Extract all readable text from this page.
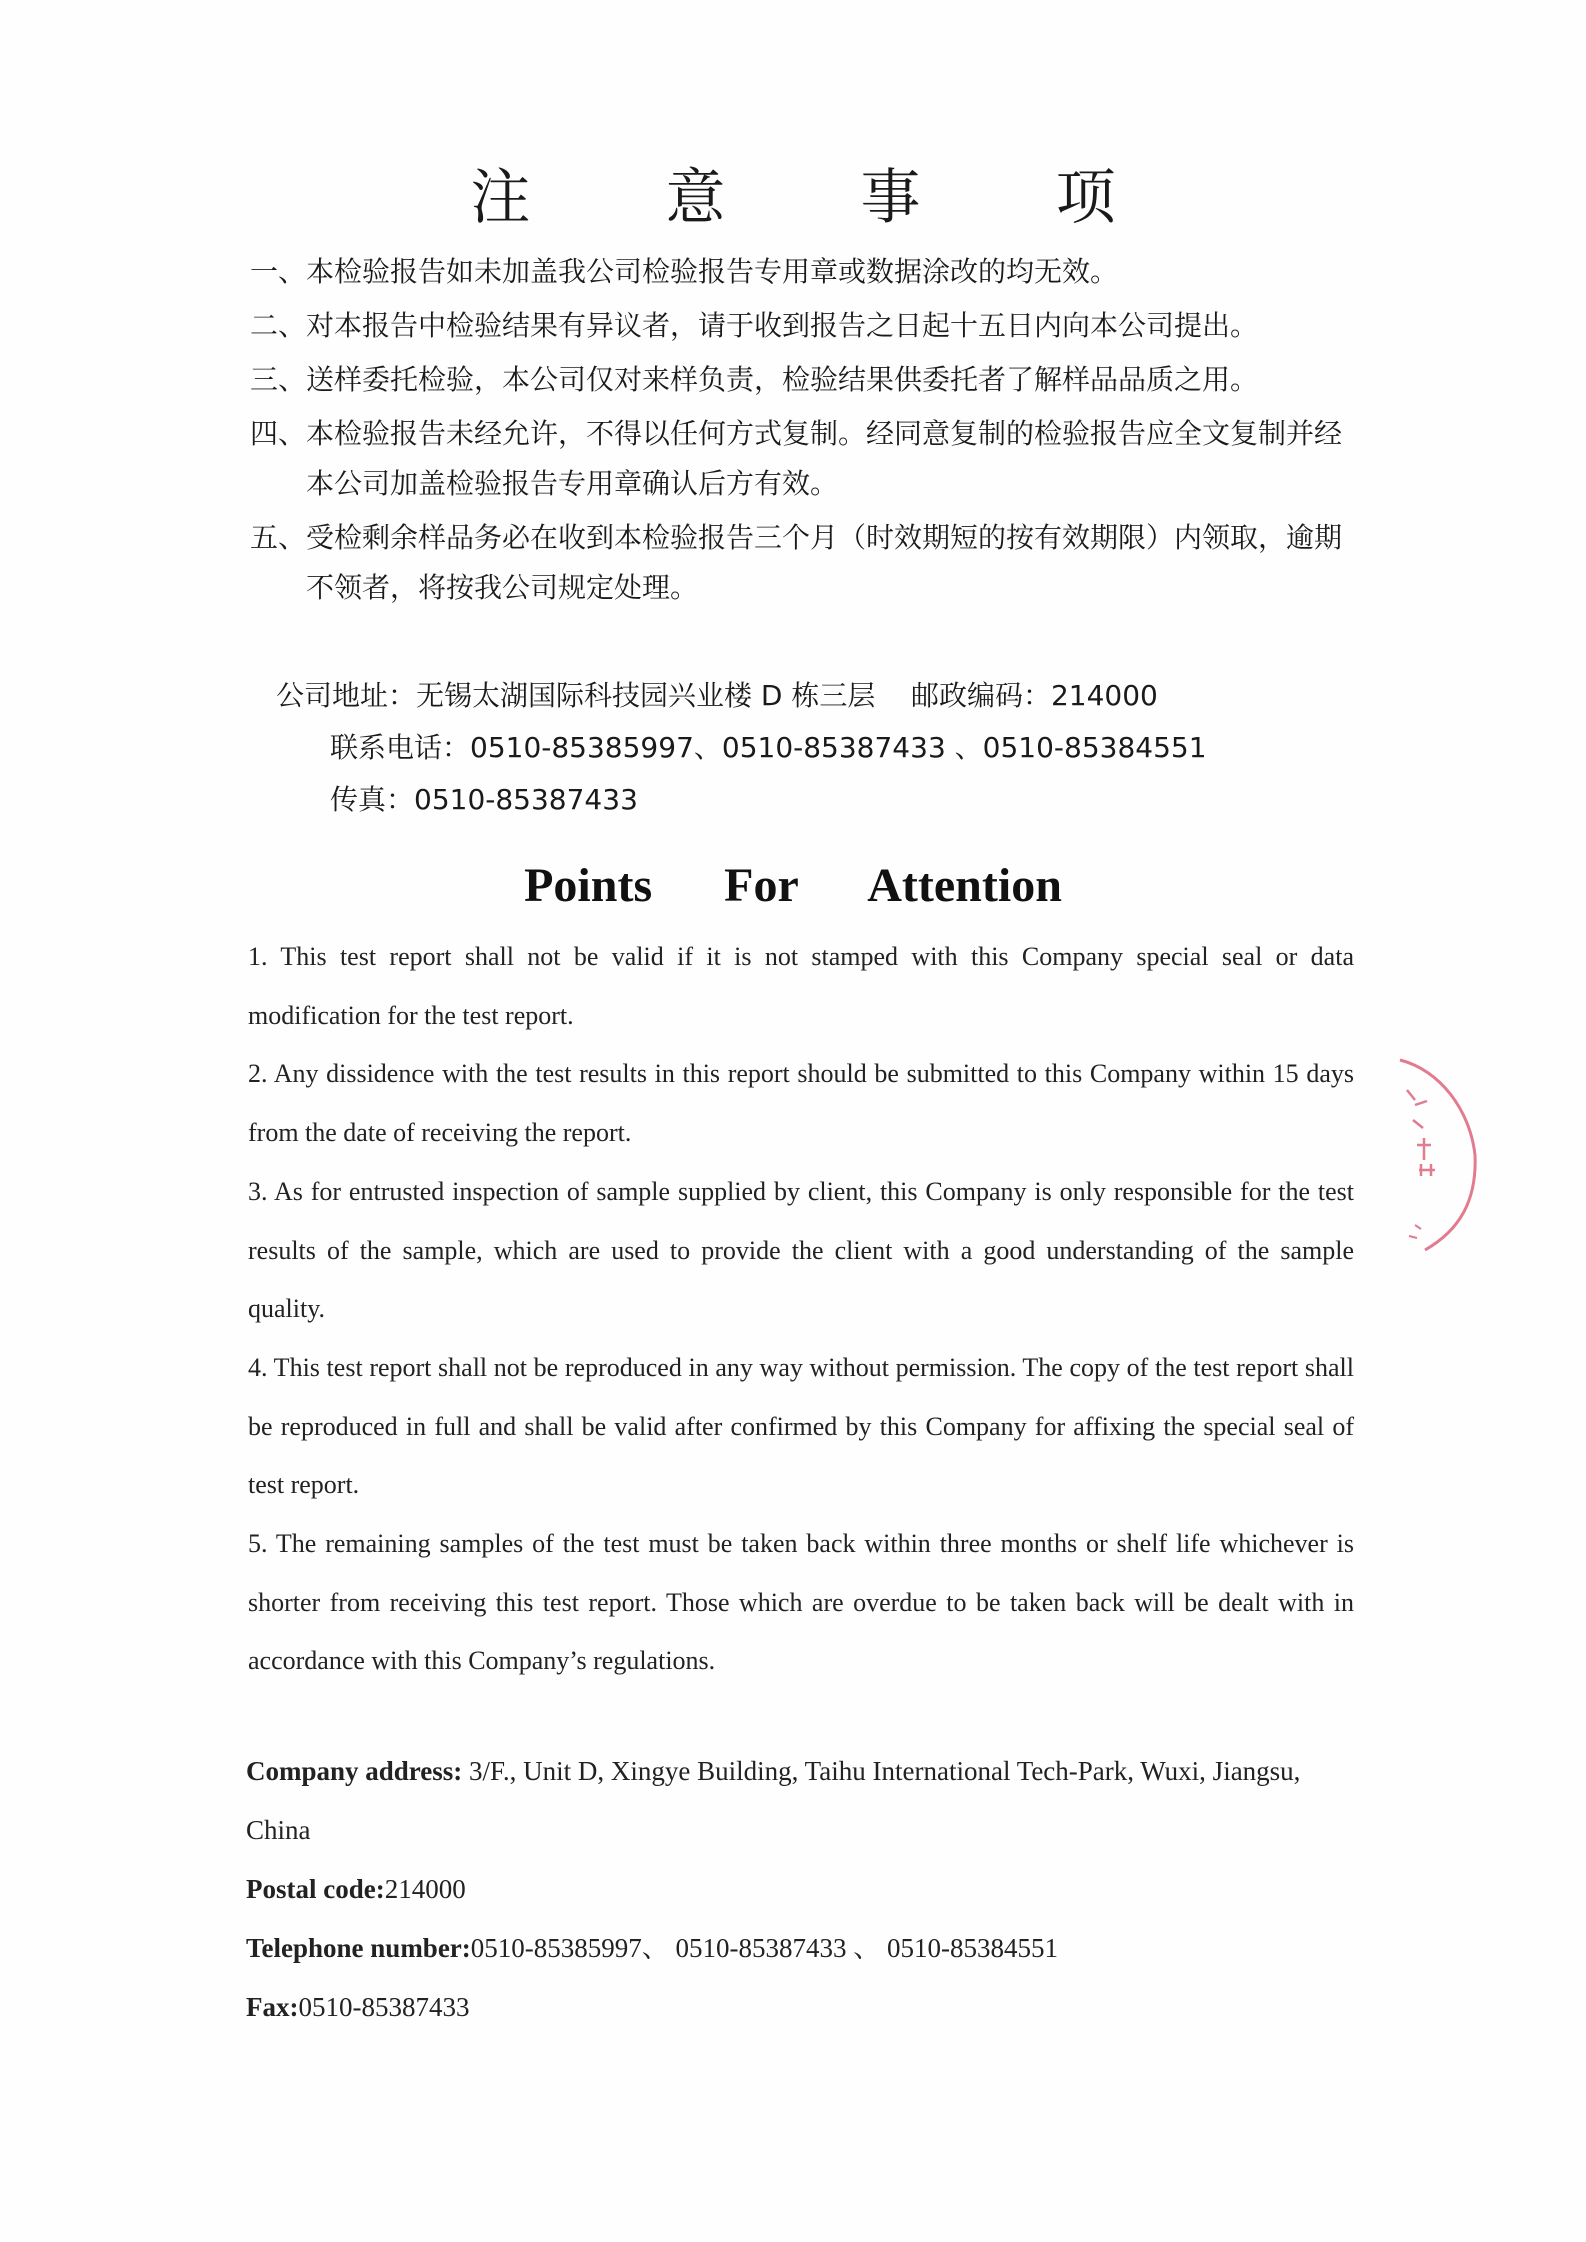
注 意 事 项
一、 本检验报告如未加盖我公司检验报告专用章或数据涂改的均无效。
二、 对本报告中检验结果有异议者，请于收到报告之日起十五日内向本公司提出。
三、 送样委托检验，本公司仅对来样负责，检验结果供委托者了解样品品质之用。
四、 本检验报告未经允许，不得以任何方式复制。经同意复制的检验报告应全文复制并经本公司加盖检验报告专用章确认后方有效。
五、 受检剩余样品务必在收到本检验报告三个月（时效期短的按有效期限）内领取，逾期不领者，将按我公司规定处理。
公司地址：无锡太湖国际科技园兴业楼 D 栋三层    邮政编码：214000
联系电话：0510-85385997、0510-85387433 、0510-85384551
传真：0510-85387433
Points For Attention

1. This test report shall not be valid if it is not stamped with this Company special seal or data modification for the test report.

2. Any dissidence with the test results in this report should be submitted to this Company within 15 days from the date of receiving the report.

3. As for entrusted inspection of sample supplied by client, this Company is only responsible for the test results of the sample, which are used to provide the client with a good understanding of the sample quality.

4. This test report shall not be reproduced in any way without permission. The copy of the test report shall be reproduced in full and shall be valid after confirmed by this Company for affixing the special seal of test report.

5. The remaining samples of the test must be taken back within three months or shelf life whichever is shorter from receiving this test report. Those which are overdue to be taken back will be dealt with in accordance with this Company’s regulations.

Company address: 3/F., Unit D, Xingye Building, Taihu International Tech-Park, Wuxi, Jiangsu, China

Postal code:214000

Telephone number:0510-85385997、 0510-85387433 、 0510-85384551

Fax:0510-85387433
